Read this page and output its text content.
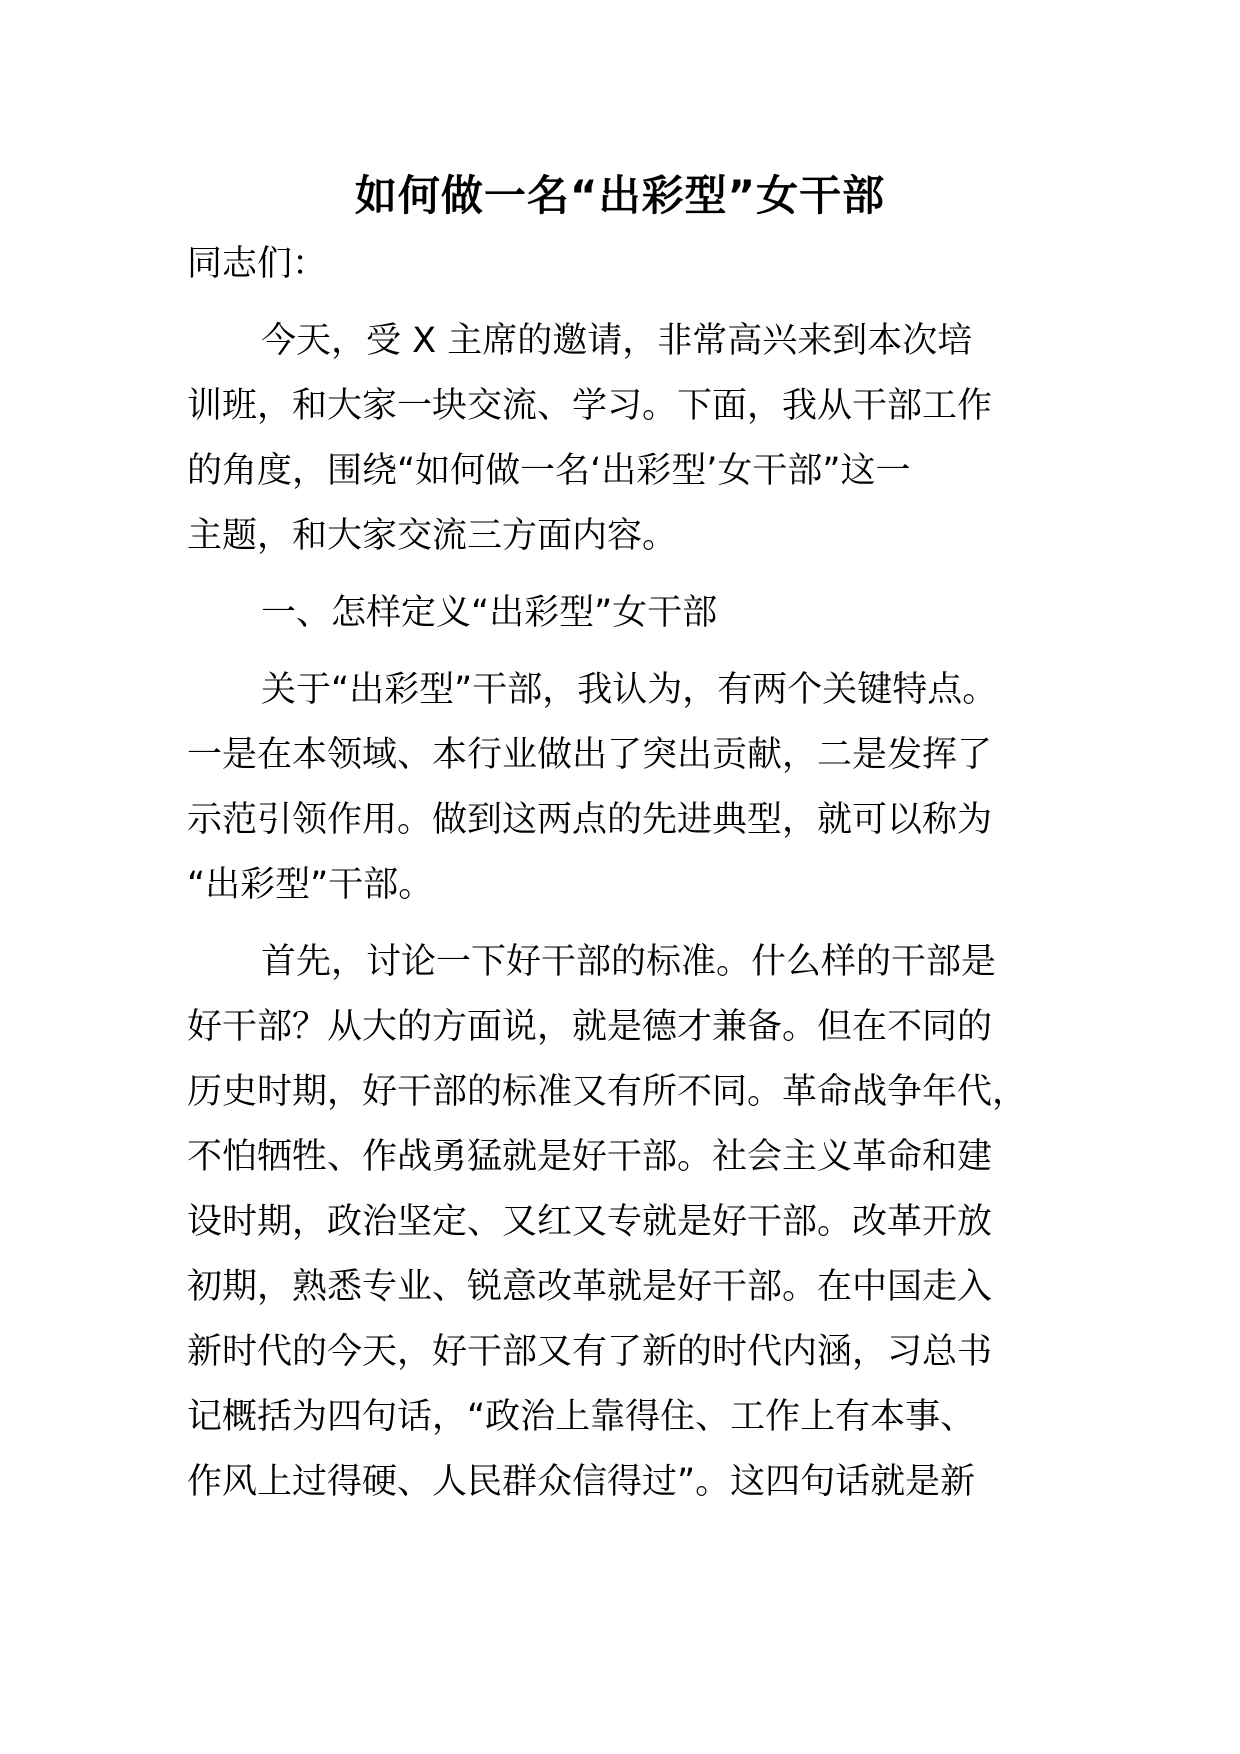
如何做一名“出彩型”女干部

同志们：

今天，受 X 主席的邀请，非常高兴来到本次培
训班，和大家一块交流、学习。下面，我从干部工作
的角度，围绕“如何做一名‘出彩型’女干部”这一
主题，和大家交流三方面内容。

一、怎样定义“出彩型”女干部

关于“出彩型”干部，我认为，有两个关键特点。
一是在本领域、本行业做出了突出贡献，二是发挥了
示范引领作用。做到这两点的先进典型，就可以称为
“出彩型”干部。

首先，讨论一下好干部的标准。什么样的干部是
好干部？从大的方面说，就是德才兼备。但在不同的
历史时期，好干部的标准又有所不同。革命战争年代，
不怕牺牲、作战勇猛就是好干部。社会主义革命和建
设时期，政治坚定、又红又专就是好干部。改革开放
初期，熟悉专业、锐意改革就是好干部。在中国走入
新时代的今天，好干部又有了新的时代内涵，习总书
记概括为四句话，“政治上靠得住、工作上有本事、
作风上过得硬、人民群众信得过”。这四句话就是新
